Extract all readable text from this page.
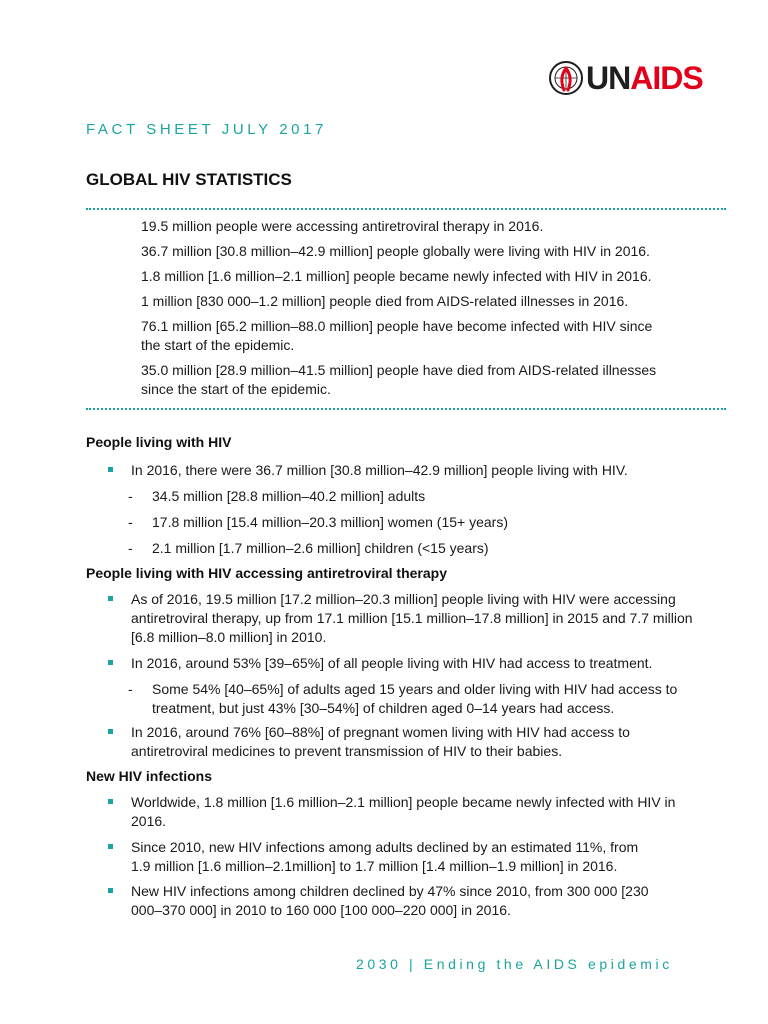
UNAIDS
FACT SHEET JULY 2017
GLOBAL HIV STATISTICS

19.5 million people were accessing antiretroviral therapy in 2016.

36.7 million [30.8 million–42.9 million] people globally were living with HIV in 2016.

1.8 million [1.6 million–2.1 million] people became newly infected with HIV in 2016.

1 million [830 000–1.2 million] people died from AIDS-related illnesses in 2016.

76.1 million [65.2 million–88.0 million] people have become infected with HIV since the start of the epidemic.

35.0 million [28.9 million–41.5 million] people have died from AIDS-related illnesses since the start of the epidemic.

People living with HIV
In 2016, there were 36.7 million [30.8 million–42.9 million] people living with HIV.
- 34.5 million [28.8 million–40.2 million] adults
- 17.8 million [15.4 million–20.3 million] women (15+ years)
- 2.1 million [1.7 million–2.6 million] children (<15 years)
People living with HIV accessing antiretroviral therapy
As of 2016, 19.5 million [17.2 million–20.3 million] people living with HIV were accessing antiretroviral therapy, up from 17.1 million [15.1 million–17.8 million] in 2015 and 7.7 million [6.8 million–8.0 million] in 2010.
In 2016, around 53% [39–65%] of all people living with HIV had access to treatment.
- Some 54% [40–65%] of adults aged 15 years and older living with HIV had access to treatment, but just 43% [30–54%] of children aged 0–14 years had access.
In 2016, around 76% [60–88%] of pregnant women living with HIV had access to antiretroviral medicines to prevent transmission of HIV to their babies.
New HIV infections
Worldwide, 1.8 million [1.6 million–2.1 million] people became newly infected with HIV in 2016.
Since 2010, new HIV infections among adults declined by an estimated 11%, from 1.9 million [1.6 million–2.1million] to 1.7 million [1.4 million–1.9 million] in 2016.
New HIV infections among children declined by 47% since 2010, from 300 000 [230 000–370 000] in 2010 to 160 000 [100 000–220 000] in 2016.
2030 | Ending the AIDS epidemic
